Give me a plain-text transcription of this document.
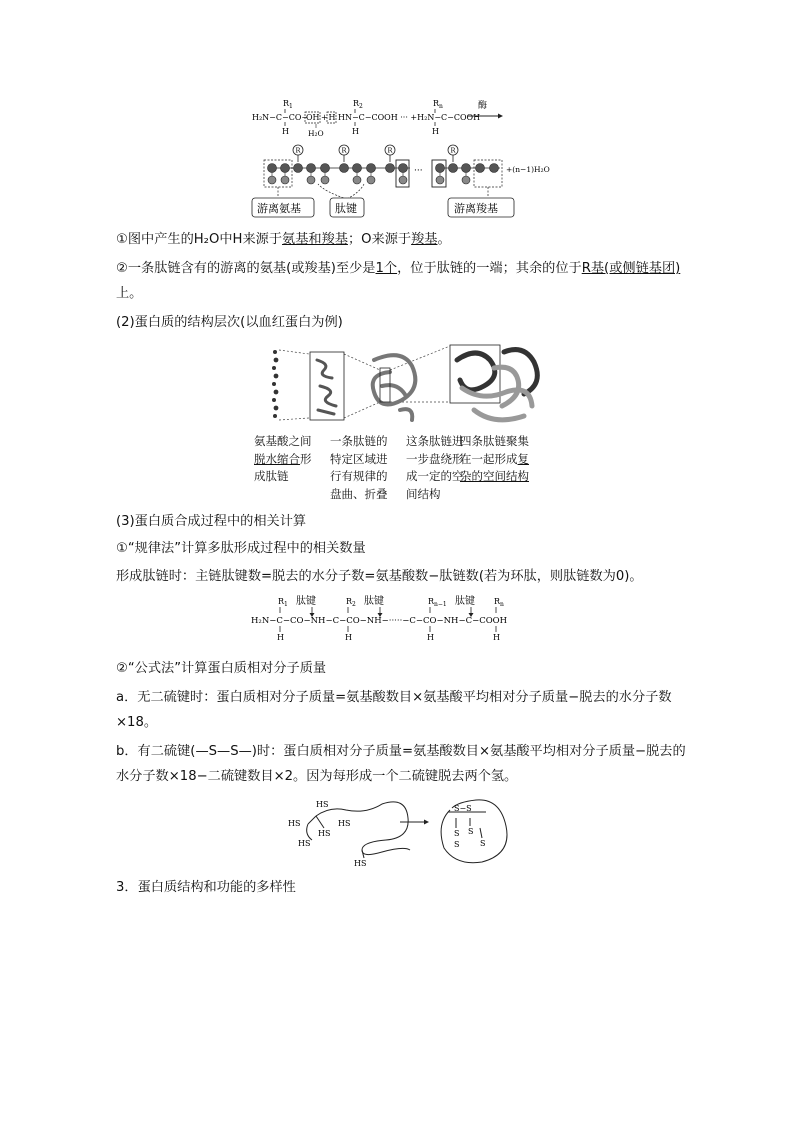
$R_1$	$R_2$	$R_n$
H₂N−C−CO−
OH + H HN−C−COOH ··· +H₂N−C−COOH
H	H	H
H₂O
酶
R	R	R	R
···	+(n−1)H₂O
游离氨基	肽键	游离羧基
①图中产生的H₂O中H来源于氨基和羧基；O来源于羧基。
②一条肽链含有的游离的氨基(或羧基)至少是1个，位于肽链的一端；其余的位于R基(或侧链基团)上。
(2)蛋白质的结构层次(以血红蛋白为例)
氨基酸之间脱水缩合形成肽链
一条肽链的特定区域进行有规律的盘曲、折叠
这条肽链进一步盘绕形成一定的空间结构
四条肽链聚集在一起形成复杂的空间结构
(3)蛋白质合成过程中的相关计算
①“规律法”计算多肽形成过程中的相关数量
形成肽链时：主链肽键数=脱去的水分子数=氨基酸数−肽链数(若为环肽，则肽链数为0)。
$R_1$ 肽键	$R_2$ 肽键	$R_{n-1}$ 肽键 $R_n$
H₂N−C−CO−NH−C−CO−NH−·····−C−CO−NH−C−COOH
H	H	H	H
②“公式法”计算蛋白质相对分子质量
a．无二硫键时：蛋白质相对分子质量=氨基酸数目×氨基酸平均相对分子质量−脱去的水分子数×18。
b．有二硫键(—S—S—)时：蛋白质相对分子质量=氨基酸数目×氨基酸平均相对分子质量−脱去的水分子数×18−二硫键数目×2。因为每形成一个二硫键脱去两个氢。
HS
HS
HS
HS
HS
HS
S−S
S
S
S
S
3．蛋白质结构和功能的多样性
